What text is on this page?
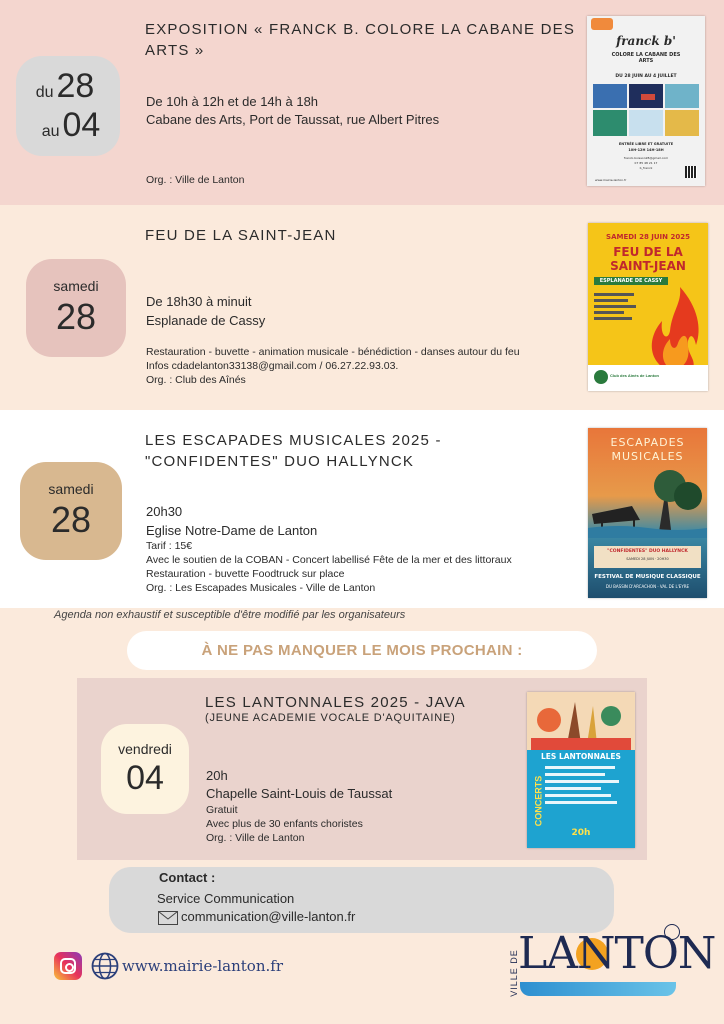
du 28
au 04
EXPOSITION « FRANCK B. COLORE LA CABANE DES ARTS »
De 10h à 12h et de 14h à 18h
Cabane des Arts, Port de Taussat, rue Albert Pitres
Org. : Ville de Lanton
franck b'
COLORE LA CABANE DES ARTS
DU 28 JUIN AU 4 JUILLET
ENTRÉE LIBRE ET GRATUITE
10H-12H 14H-18H
franck.boisson28@gmail.com
07 85 48 21 17
b_franck
www.mairie-lanton.fr
samedi
28
FEU DE LA SAINT-JEAN
De 18h30 à minuit
Esplanade de Cassy
Restauration - buvette - animation musicale - bénédiction - danses autour du feu
Infos cdadelanton33138@gmail.com / 06.27.22.93.03.
Org. : Club des Aînés
SAMEDI 28 JUIN 2025
FEU DE LA
SAINT-JEAN
ESPLANADE DE CASSY
Club des Aînés de Lanton
samedi
28
LES ESCAPADES MUSICALES 2025 - "CONFIDENTES" DUO HALLYNCK
20h30
Eglise Notre-Dame de Lanton
Tarif : 15€
Avec le soutien de la COBAN - Concert labellisé Fête de la mer et des littoraux
Restauration - buvette Foodtruck sur place
Org. : Les Escapades Musicales - Ville de Lanton
ESCAPADES
MUSICALES
"CONFIDENTES" DUO HALLYNCK
SAMEDI 28 JUIN · 20H30
FESTIVAL DE MUSIQUE CLASSIQUE
DU BASSIN D'ARCACHON · VAL DE L'EYRE
Agenda non exhaustif et susceptible d'être modifié par les organisateurs
À NE PAS MANQUER LE MOIS PROCHAIN :
vendredi
04
LES LANTONNALES 2025 - JAVA
(JEUNE ACADEMIE VOCALE D'AQUITAINE)
20h
Chapelle Saint-Louis de Taussat
Gratuit
Avec plus de 30 enfants choristes
Org. : Ville de Lanton
LES LANTONNALES
CONCERTS
20h
Contact :
Service Communication
communication@ville-lanton.fr
www.mairie-lanton.fr	VILLE DE LANTON
